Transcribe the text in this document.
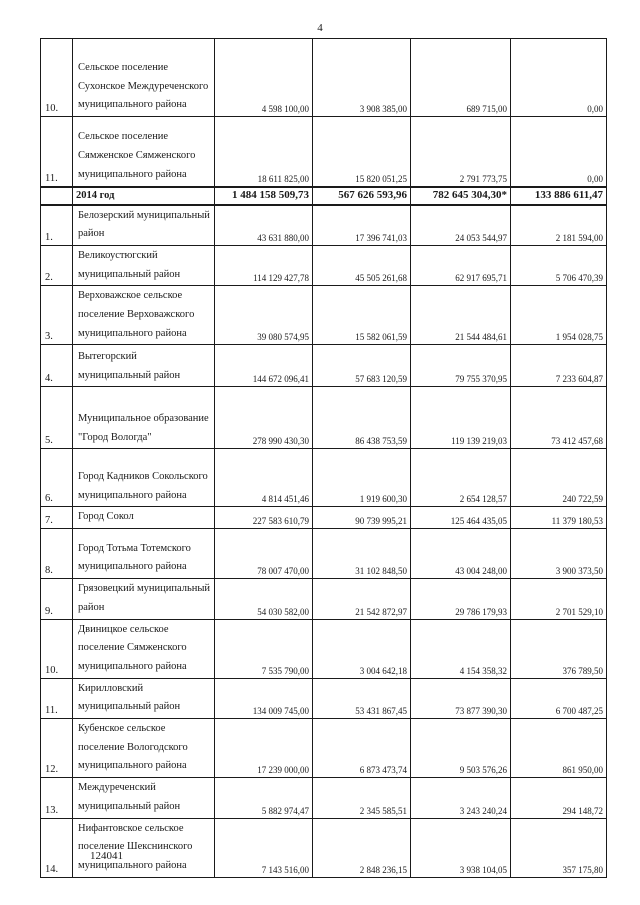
4
10.	Сельское поселение Сухонское Междуреченского муниципального района	4 598 100,00	3 908 385,00	689 715,00	0,00
11.	Сельское поселение Сямженское Сямженского муниципального района	18 611 825,00	15 820 051,25	2 791 773,75	0,00
	2014 год	1 484 158 509,73	567 626 593,96	782 645 304,30*	133 886 611,47
1.	Белозерский муниципальный район	43 631 880,00	17 396 741,03	24 053 544,97	2 181 594,00
2.	Великоустюгский муниципальный район	114 129 427,78	45 505 261,68	62 917 695,71	5 706 470,39
3.	Верховажское сельское поселение Верховажского муниципального района	39 080 574,95	15 582 061,59	21 544 484,61	1 954 028,75
4.	Вытегорский муниципальный район	144 672 096,41	57 683 120,59	79 755 370,95	7 233 604,87
5.	Муниципальное образование "Город Вологда"	278 990 430,30	86 438 753,59	119 139 219,03	73 412 457,68
6.	Город Кадников Сокольского муниципального района	4 814 451,46	1 919 600,30	2 654 128,57	240 722,59
7.	Город Сокол	227 583 610,79	90 739 995,21	125 464 435,05	11 379 180,53
8.	Город Тотьма Тотемского муниципального района	78 007 470,00	31 102 848,50	43 004 248,00	3 900 373,50
9.	Грязовецкий муниципальный район	54 030 582,00	21 542 872,97	29 786 179,93	2 701 529,10
10.	Двиницкое сельское поселение Сямженского муниципального района	7 535 790,00	3 004 642,18	4 154 358,32	376 789,50
11.	Кирилловский муниципальный район	134 009 745,00	53 431 867,45	73 877 390,30	6 700 487,25
12.	Кубенское сельское поселение Вологодского муниципального района	17 239 000,00	6 873 473,74	9 503 576,26	861 950,00
13.	Междуреченский муниципальный район	5 882 974,47	2 345 585,51	3 243 240,24	294 148,72
14.	Нифантовское сельское поселение Шекснинского муниципального района	7 143 516,00	2 848 236,15	3 938 104,05	357 175,80
124041
